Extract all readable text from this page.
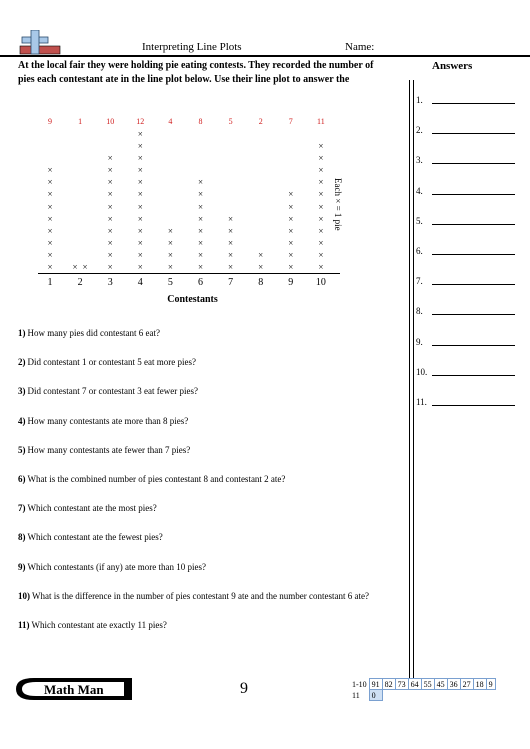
Interpreting Line Plots	Name:
At the local fair they were holding pie eating contests. They recorded the number of
pies each contestant ate in the line plot below. Use their line plot to answer the
Answers
1.
2.
3.
4.
5.
6.
7.
8.
9.
10.
11.
9
1
×
×
×
×
×
×
×
×
×
1
2
× ×
10
3
×
×
×
×
×
×
×
×
×
×
12
4
×
×
×
×
×
×
×
×
×
×
×
×
4
5
×
×
×
×
8
6
×
×
×
×
×
×
×
×
5
7
×
×
×
×
×
2
8
×
×
7
9
×
×
×
×
×
×
×
11
10
×
×
×
×
×
×
×
×
×
×
×
Contestants
Each × = 1 pie
1) How many pies did contestant 6 eat?
2) Did contestant 1 or contestant 5 eat more pies?
3) Did contestant 7 or contestant 3 eat fewer pies?
4) How many contestants ate more than 8 pies?
5) How many contestants ate fewer than 7 pies?
6) What is the combined number of pies contestant 8 and contestant 2 ate?
7) Which contestant ate the most pies?
8) Which contestant ate the fewest pies?
9) Which contestants (if any) ate more than 10 pies?
10) What is the difference in the number of pies contestant 9 ate and the number contestant 6 ate?
11) Which contestant ate exactly 11 pies?
Math Man	9	1-10	91	82	73	64	55	45	36	27	18	9
11	0									
